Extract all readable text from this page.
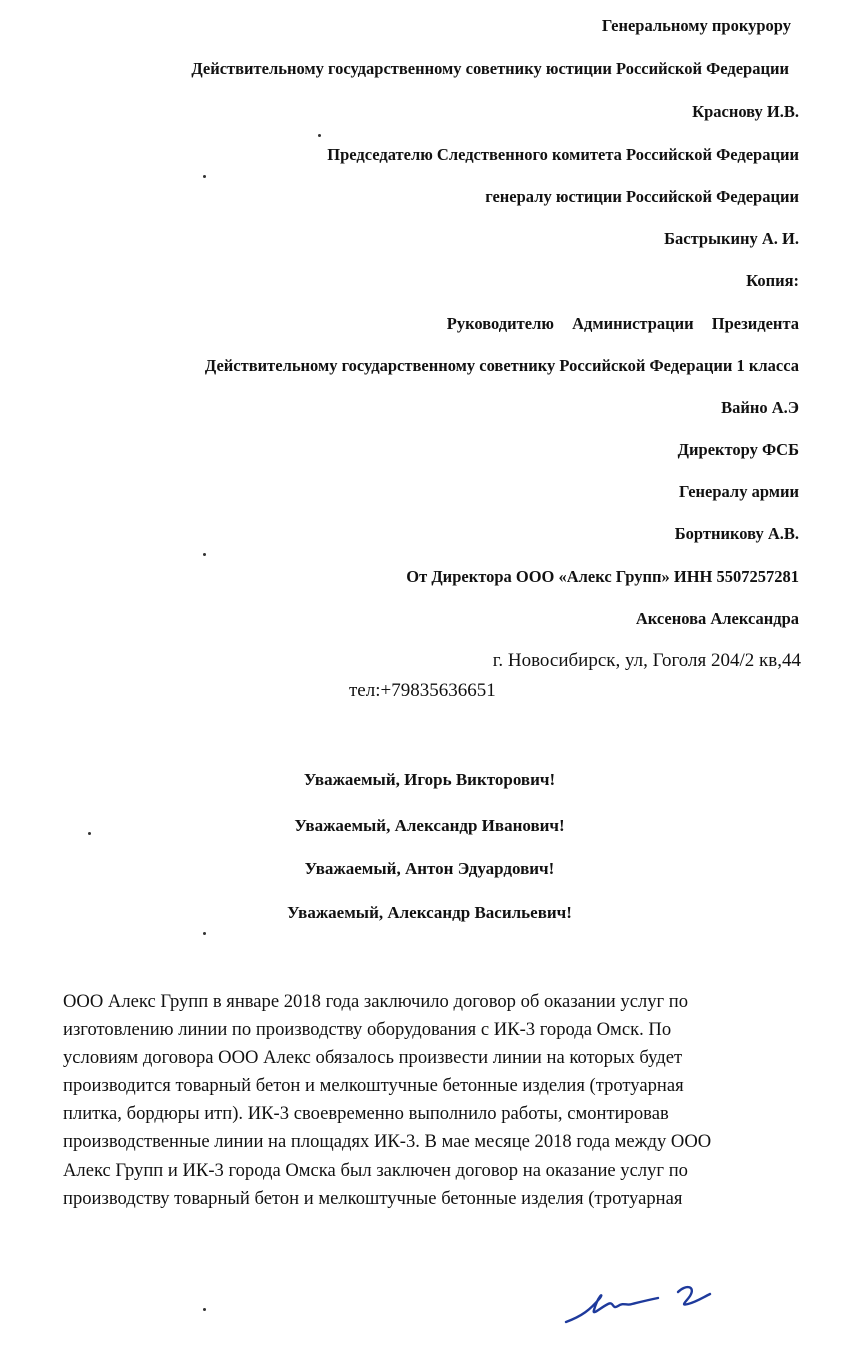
Генеральному прокурору

Действительному государственному советнику юстиции Российской Федерации

Краснову И.В.

Председателю Следственного комитета Российской Федерации

генералу юстиции Российской Федерации

Бастрыкину А. И.

Копия:

Руководителю Администрации Президента

Действительному государственному советнику Российской Федерации 1 класса

Вайно А.Э

Директору ФСБ

Генералу армии

Бортникову А.В.

От Директора ООО «Алекс Групп» ИНН 5507257281

Аксенова Александра

г. Новосибирск, ул, Гоголя 204/2 кв,44

тел:+79835636651

Уважаемый, Игорь Викторович!

Уважаемый, Александр Иванович!

Уважаемый, Антон Эдуардович!

Уважаемый, Александр Васильевич!

ООО Алекс Групп в январе 2018 года заключило договор об оказании услуг по
изготовлению линии по производству оборудования с ИК-3 города Омск. По
условиям договора ООО Алекс обязалось произвести линии на которых будет
производится товарный бетон и мелкоштучные бетонные изделия (тротуарная
плитка, бордюры итп). ИК-3 своевременно выполнило работы, смонтировав
производственные линии на площадях ИК-3. В мае месяце 2018 года между ООО
Алекс Групп и ИК-3 города Омска был заключен договор на оказание услуг по
производству товарный бетон и мелкоштучные бетонные изделия (тротуарная
